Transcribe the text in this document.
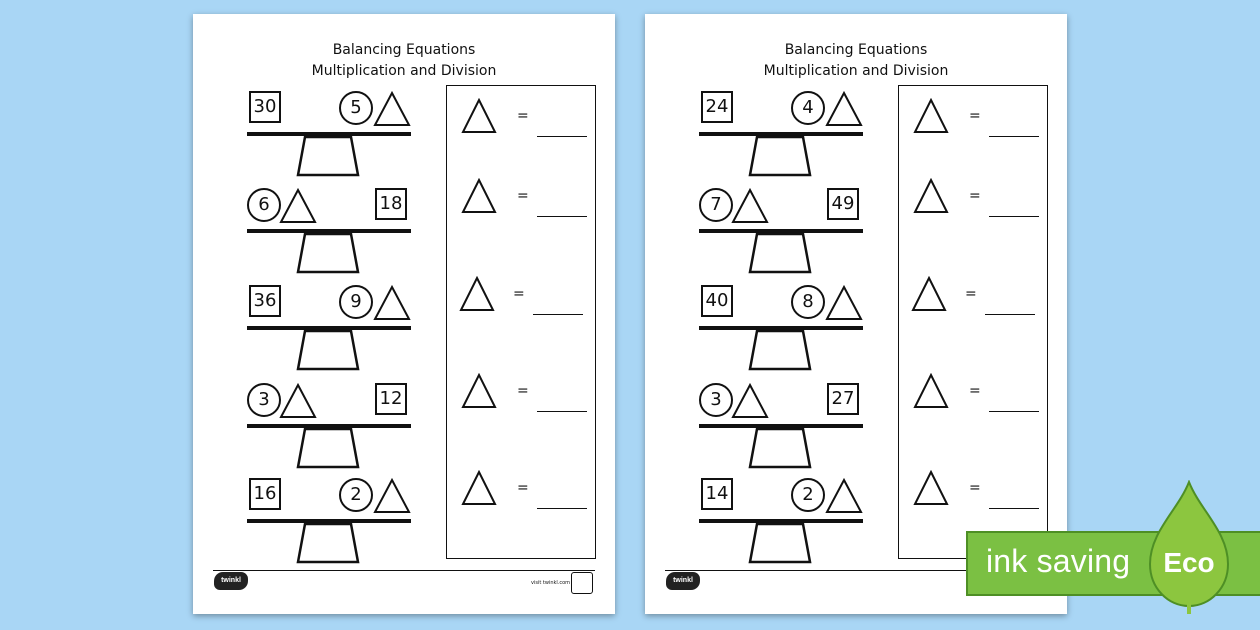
Balancing Equations
Multiplication and Division
30	5
6	18
36	9
3	12
16	2
=
=
=
=
=
twinkl	visit twinkl.com
Balancing Equations
Multiplication and Division
24	4
7	49
40	8
3	27
14	2
=
=
=
=
=
twinkl
ink saving Eco
